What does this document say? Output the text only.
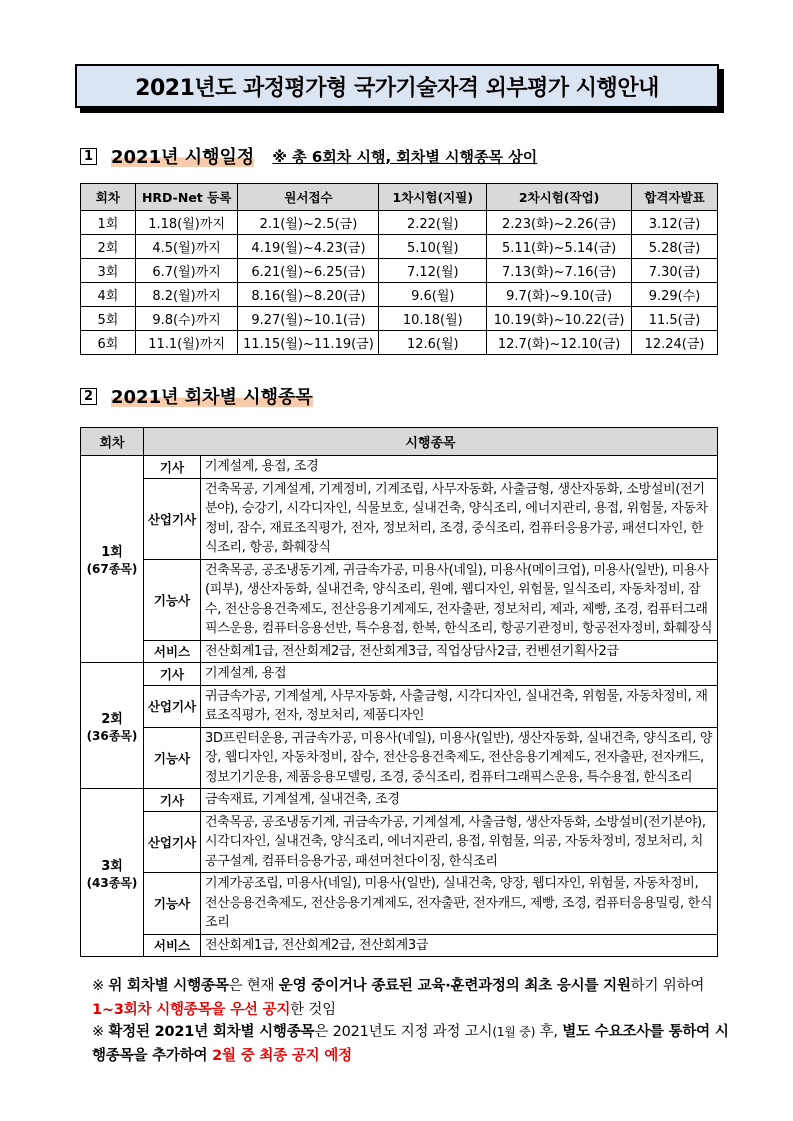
2021년도 과정평가형 국가기술자격 외부평가 시행안내
1 2021년 시행일정 ※ 총 6회차 시행, 회차별 시행종목 상이
회차	HRD-Net 등록	원서접수	1차시험(지필)	2차시험(작업)	합격자발표
1회	1.18(월)까지	2.1(월)~2.5(금)	2.22(월)	2.23(화)~2.26(금)	3.12(금)
2회	4.5(월)까지	4.19(월)~4.23(금)	5.10(월)	5.11(화)~5.14(금)	5.28(금)
3회	6.7(월)까지	6.21(월)~6.25(금)	7.12(월)	7.13(화)~7.16(금)	7.30(금)
4회	8.2(월)까지	8.16(월)~8.20(금)	9.6(월)	9.7(화)~9.10(금)	9.29(수)
5회	9.8(수)까지	9.27(월)~10.1(금)	10.18(월)	10.19(화)~10.22(금)	11.5(금)
6회	11.1(월)까지	11.15(월)~11.19(금)	12.6(월)	12.7(화)~12.10(금)	12.24(금)
2 2021년 회차별 시행종목
회차	시행종목	

1회
(67종목)	기사	기계설계, 용접, 조경
	산업기사	건축목공, 기계설계, 기계정비, 기계조립, 사무자동화, 사출금형, 생산자동화, 소방설비(전기분야), 승강기, 시각디자인, 식물보호, 실내건축, 양식조리, 에너지관리, 용접, 위험물, 자동차정비, 잠수, 재료조직평가, 전자, 정보처리, 조경, 중식조리, 컴퓨터응용가공, 패션디자인, 한식조리, 항공, 화훼장식
	기능사	건축목공, 공조냉동기계, 귀금속가공, 미용사(네일), 미용사(메이크업), 미용사(일반), 미용사(피부), 생산자동화, 실내건축, 양식조리, 원예, 웹디자인, 위험물, 일식조리, 자동차정비, 잠수, 전산응용건축제도, 전산응용기계제도, 전자출판, 정보처리, 제과, 제빵, 조경, 컴퓨터그래픽스운용, 컴퓨터응용선반, 특수용접, 한복, 한식조리, 항공기관정비, 항공전자정비, 화훼장식
	서비스	전산회계1급, 전산회계2급, 전산회계3급, 직업상담사2급, 컨벤션기획사2급

2회
(36종목)	기사	기계설계, 용접
	산업기사	귀금속가공, 기계설계, 사무자동화, 사출금형, 시각디자인, 실내건축, 위험물, 자동차정비, 재료조직평가, 전자, 정보처리, 제품디자인
	기능사	3D프린터운용, 귀금속가공, 미용사(네일), 미용사(일반), 생산자동화, 실내건축, 양식조리, 양장, 웹디자인, 자동차정비, 잠수, 전산응용건축제도, 전산응용기계제도, 전자출판, 전자캐드, 정보기기운용, 제품응용모델링, 조경, 중식조리, 컴퓨터그래픽스운용, 특수용접, 한식조리

3회
(43종목)	기사	금속재료, 기계설계, 실내건축, 조경
	산업기사	건축목공, 공조냉동기계, 귀금속가공, 기계설계, 사출금형, 생산자동화, 소방설비(전기분야), 시각디자인, 실내건축, 양식조리, 에너지관리, 용접, 위험물, 의공, 자동차정비, 정보처리, 치공구설계, 컴퓨터응용가공, 패션머천다이징, 한식조리
	기능사	기계가공조립, 미용사(네일), 미용사(일반), 실내건축, 양장, 웹디자인, 위험물, 자동차정비, 전산응용건축제도, 전산응용기계제도, 전자출판, 전자캐드, 제빵, 조경, 컴퓨터응용밀링, 한식조리
	서비스	전산회계1급, 전산회계2급, 전산회계3급
※ 위 회차별 시행종목은 현재 운영 중이거나 종료된 교육·훈련과정의 최초 응시를 지원하기 위하여 1~3회차 시행종목을 우선 공지한 것임
※ 확정된 2021년 회차별 시행종목은 2021년도 지정 과정 고시(1월 중) 후, 별도 수요조사를 통하여 시행종목을 추가하여 2월 중 최종 공지 예정
